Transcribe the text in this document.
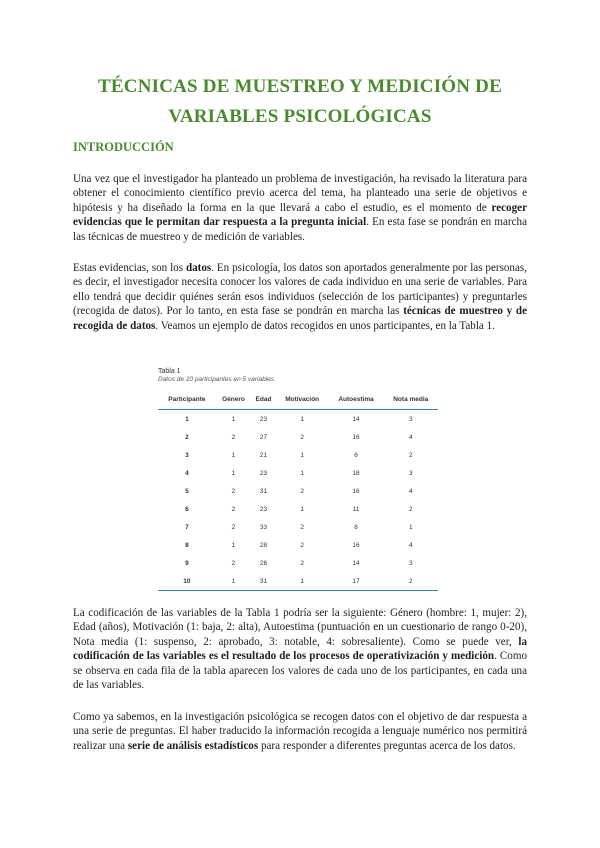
TÉCNICAS DE MUESTREO Y MEDICIÓN DE
VARIABLES PSICOLÓGICAS
INTRODUCCIÓN

Una vez que el investigador ha planteado un problema de investigación, ha revisado la literatura para obtener el conocimiento científico previo acerca del tema, ha planteado una serie de objetivos e hipótesis y ha diseñado la forma en la que llevará a cabo el estudio, es el momento de recoger evidencias que le permitan dar respuesta a la pregunta inicial. En esta fase se pondrán en marcha las técnicas de muestreo y de medición de variables.

Estas evidencias, son los datos. En psicología, los datos son aportados generalmente por las personas, es decir, el investigador necesita conocer los valores de cada individuo en una serie de variables. Para ello tendrá que decidir quiénes serán esos individuos (selección de los participantes) y preguntarles (recogida de datos). Por lo tanto, en esta fase se pondrán en marcha las técnicas de muestreo y de recogida de datos. Veamos un ejemplo de datos recogidos en unos participantes, en la Tabla 1.

Tabla 1
Datos de 10 participantes en 5 variables
Participante	Género	Edad	Motivación	Autoestima	Nota media
1	1	23	1	14	3
2	2	27	2	16	4
3	1	21	1	6	2
4	1	23	1	18	3
5	2	31	2	16	4
6	2	23	1	11	2
7	2	33	2	8	1
8	1	28	2	16	4
9	2	26	2	14	3
10	1	31	1	17	2

La codificación de las variables de la Tabla 1 podría ser la siguiente: Género (hombre: 1, mujer: 2), Edad (años), Motivación (1: baja, 2: alta), Autoestima (puntuación en un cuestionario de rango 0-20), Nota media (1: suspenso, 2: aprobado, 3: notable, 4: sobresaliente). Como se puede ver, la codificación de las variables es el resultado de los procesos de operativización y medición. Como se observa en cada fila de la tabla aparecen los valores de cada uno de los participantes, en cada una de las variables.

Como ya sabemos, en la investigación psicológica se recogen datos con el objetivo de dar respuesta a una serie de preguntas. El haber traducido la información recogida a lenguaje numérico nos permitirá realizar una serie de análisis estadísticos para responder a diferentes preguntas acerca de los datos.
